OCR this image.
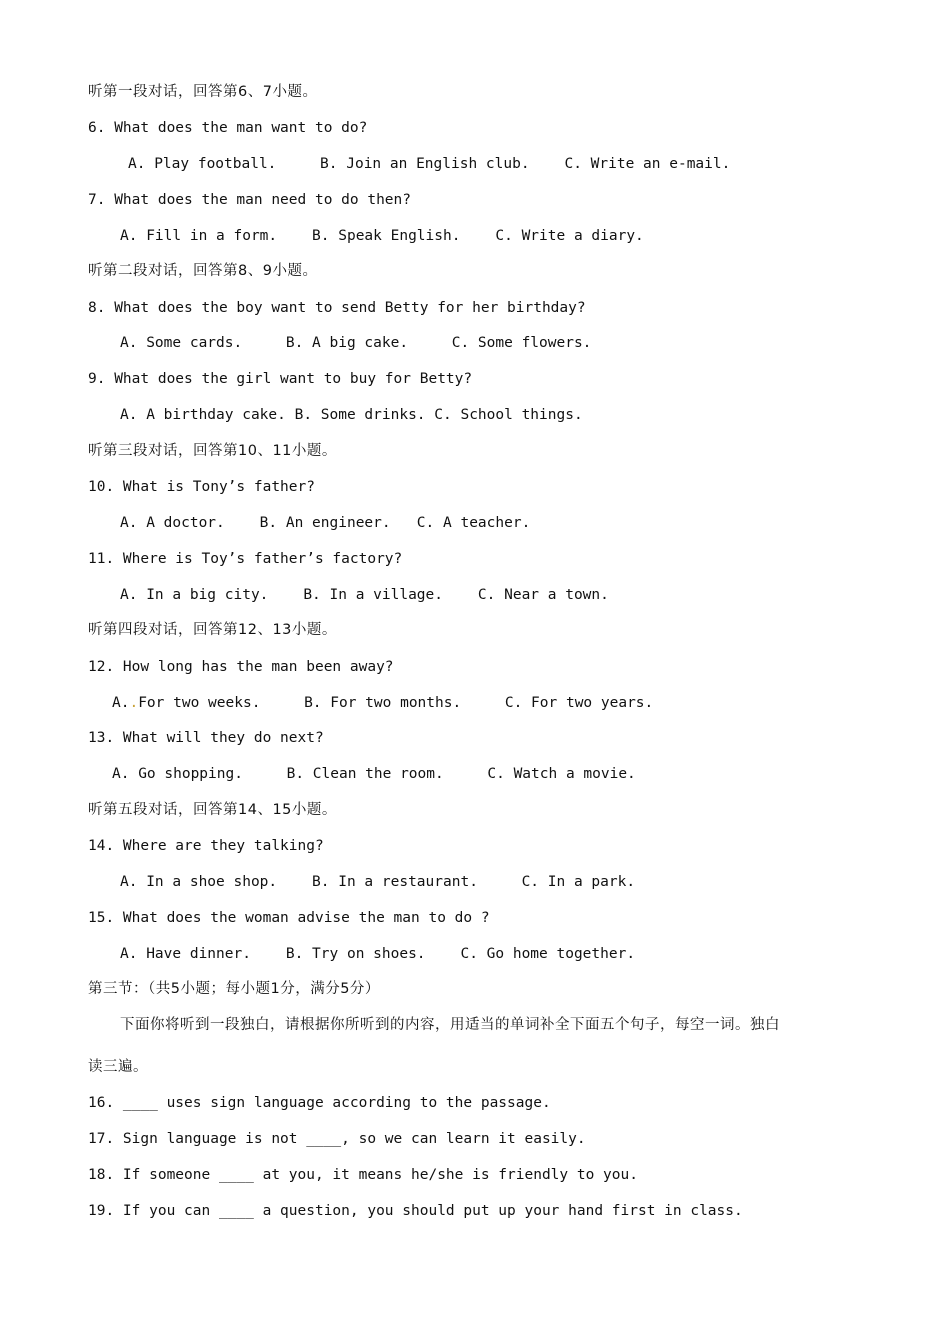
听第一段对话，回答第6、7小题。
6. What does the man want to do?
A. Play football.     B. Join an English club.    C. Write an e-mail.
7. What does the man need to do then?
A. Fill in a form.    B. Speak English.    C. Write a diary.
听第二段对话，回答第8、9小题。
8. What does the boy want to send Betty for her birthday?
A. Some cards.     B. A big cake.     C. Some flowers.
9. What does the girl want to buy for Betty?
A. A birthday cake. B. Some drinks. C. School things.
听第三段对话，回答第10、11小题。
10. What is Tony’s father?
A. A doctor.    B. An engineer.   C. A teacher.
11. Where is Toy’s father’s factory?
A. In a big city.    B. In a village.    C. Near a town.
听第四段对话，回答第12、13小题。
12. How long has the man been away?
A..For two weeks.     B. For two months.     C. For two years.
13. What will they do next?
A. Go shopping.     B. Clean the room.     C. Watch a movie.
听第五段对话，回答第14、15小题。
14. Where are they talking?
A. In a shoe shop.    B. In a restaurant.     C. In a park.
15. What does the woman advise the man to do ?
A. Have dinner.    B. Try on shoes.    C. Go home together.
第三节：（共5小题；每小题1分，满分5分）
下面你将听到一段独白，请根据你所听到的内容，用适当的单词补全下面五个句子，每空一词。独白
读三遍。
16. ____ uses sign language according to the passage.
17. Sign language is not ____, so we can learn it easily.
18. If someone ____ at you, it means he/she is friendly to you.
19. If you can ____ a question, you should put up your hand first in class.
